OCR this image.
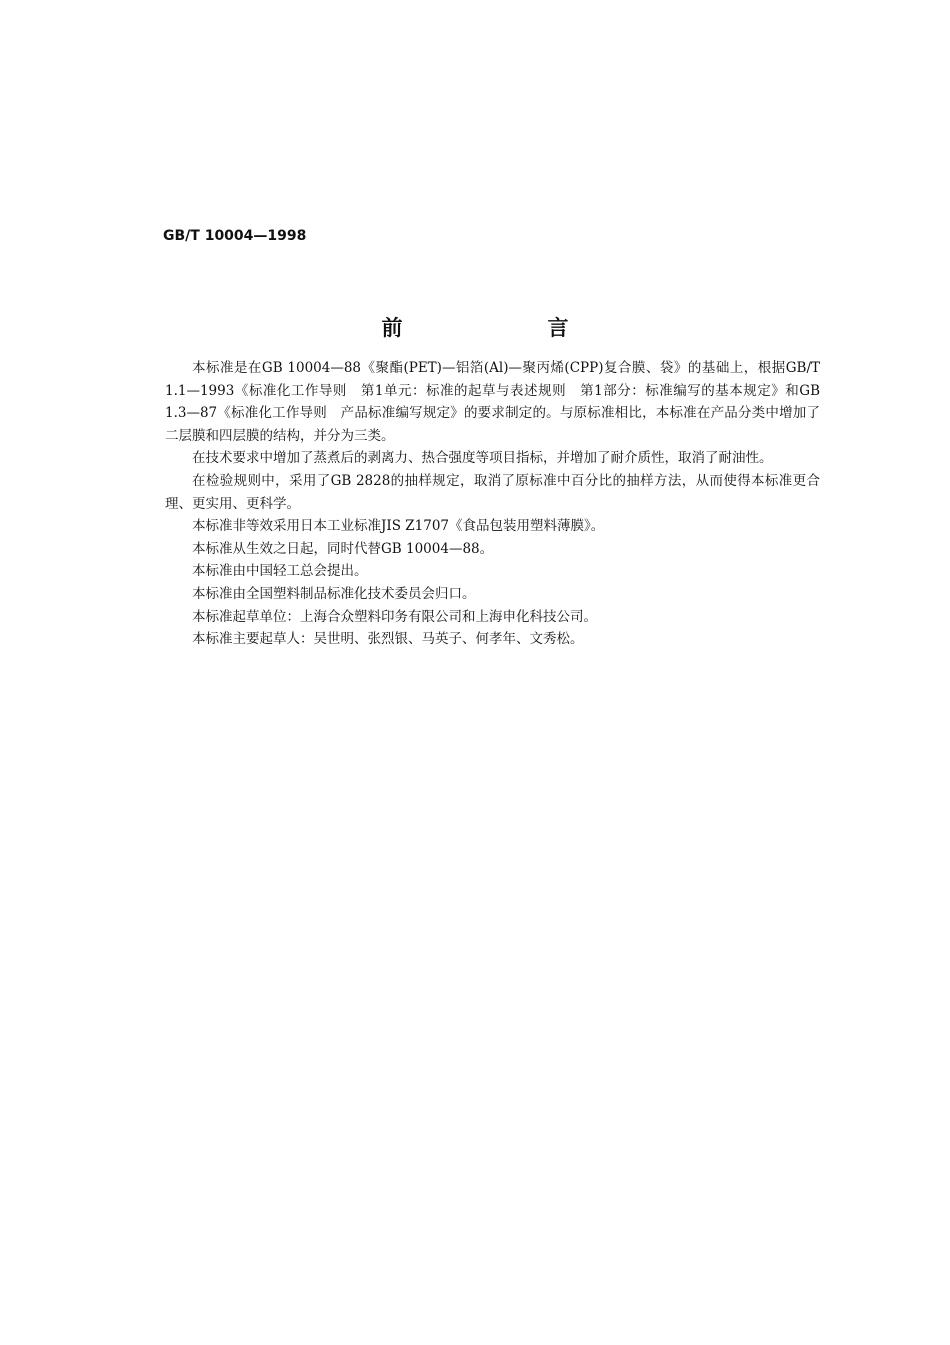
GB/T 10004—1998
前　言

本标准是在GB 10004—88《聚酯(PET)—铝箔(Al)—聚丙烯(CPP)复合膜、袋》的基础上，根据GB/T 1.1—1993《标准化工作导则　第1单元：标准的起草与表述规则　第1部分：标准编写的基本规定》和GB 1.3—87《标准化工作导则　产品标准编写规定》的要求制定的。与原标准相比，本标准在产品分类中增加了二层膜和四层膜的结构，并分为三类。

在技术要求中增加了蒸煮后的剥离力、热合强度等项目指标，并增加了耐介质性，取消了耐油性。

在检验规则中，采用了GB 2828的抽样规定，取消了原标准中百分比的抽样方法，从而使得本标准更合理、更实用、更科学。

本标准非等效采用日本工业标准JIS Z1707《食品包装用塑料薄膜》。

本标准从生效之日起，同时代替GB 10004—88。

本标准由中国轻工总会提出。

本标准由全国塑料制品标准化技术委员会归口。

本标准起草单位：上海合众塑料印务有限公司和上海申化科技公司。

本标准主要起草人：吴世明、张烈银、马英子、何孝年、文秀松。
